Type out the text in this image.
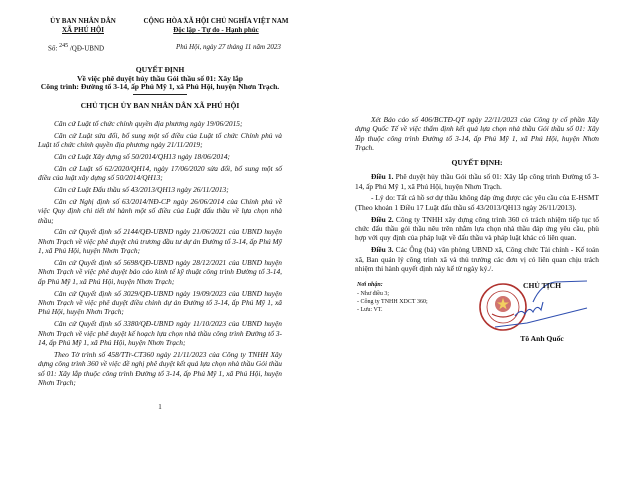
ỦY BAN NHÂN DÂN
XÃ PHÚ HỘI
CỘNG HÒA XÃ HỘI CHỦ NGHĨA VIỆT NAM
Độc lập - Tự do - Hạnh phúc
Số: $^{245}$ /QĐ-UBND	Phú Hội, ngày 27 tháng 11 năm 2023
QUYẾT ĐỊNH
Về việc phê duyệt hủy thầu Gói thầu số 01: Xây lắp
Công trình: Đường tổ 3-14, ấp Phú Mỹ 1, xã Phú Hội, huyện Nhơn Trạch.
CHỦ TỊCH ỦY BAN NHÂN DÂN XÃ PHÚ HỘI

Căn cứ Luật tổ chức chính quyền địa phương ngày 19/06/2015;

Căn cứ Luật sửa đổi, bổ sung một số điều của Luật tổ chức Chính phủ và Luật tổ chức chính quyền địa phương ngày 21/11/2019;

Căn cứ Luật Xây dựng số 50/2014/QH13 ngày 18/06/2014;

Căn cứ Luật số 62/2020/QH14, ngày 17/06/2020 sửa đổi, bổ sung một số điều của luật xây dựng số 50/2014/QH13;

Căn cứ Luật Đấu thầu số 43/2013/QH13 ngày 26/11/2013;

Căn cứ Nghị định số 63/2014/NĐ-CP ngày 26/06/2014 của Chính phủ về việc Quy định chi tiết thi hành một số điều của Luật đấu thầu về lựa chọn nhà thầu;

Căn cứ Quyết định số 2144/QĐ-UBND ngày 21/06/2021 của UBND huyện Nhơn Trạch về việc phê duyệt chủ trương đầu tư dự án Đường tổ 3-14, ấp Phú Mỹ 1, xã Phú Hội, huyện Nhơn Trạch;

Căn cứ Quyết định số 5698/QĐ-UBND ngày 28/12/2021 của UBND huyện Nhơn Trạch về việc phê duyệt báo cáo kinh tế kỹ thuật công trình Đường tổ 3-14, ấp Phú Mỹ 1, xã Phú Hội, huyện Nhơn Trạch;

Căn cứ Quyết định số 3029/QĐ-UBND ngày 19/09/2023 của UBND huyện Nhơn Trạch về việc phê duyệt điều chỉnh dự án Đường tổ 3-14, ấp Phú Mỹ 1, xã Phú Hội, huyện Nhơn Trạch;

Căn cứ Quyết định số 3380/QĐ-UBND ngày 11/10/2023 của UBND huyện Nhơn Trạch về việc phê duyệt kế hoạch lựa chọn nhà thầu công trình Đường tổ 3-14, ấp Phú Mỹ 1, xã Phú Hội, huyện Nhơn Trạch;

Theo Tờ trình số 458/TTr-CT360 ngày 21/11/2023 của Công ty TNHH Xây dựng công trình 360 về việc đề nghị phê duyệt kết quả lựa chọn nhà thầu Gói thầu số 01: Xây lắp thuộc công trình Đường tổ 3-14, ấp Phú Mỹ 1, xã Phú Hội, huyện Nhơn Trạch;

1

Xét Báo cáo số 406/BCTĐ-QT ngày 22/11/2023 của Công ty cổ phần Xây dựng Quốc Tế về việc thẩm định kết quả lựa chọn nhà thầu Gói thầu số 01: Xây lắp thuộc công trình Đường tổ 3-14, ấp Phú Mỹ 1, xã Phú Hội, huyện Nhơn Trạch.

QUYẾT ĐỊNH:

Điều 1. Phê duyệt hủy thầu Gói thầu số 01: Xây lắp công trình Đường tổ 3-14, ấp Phú Mỹ 1, xã Phú Hội, huyện Nhơn Trạch.

- Lý do: Tất cả hồ sơ dự thầu không đáp ứng được các yêu cầu của E-HSMT (Theo khoản 1 Điều 17 Luật đấu thầu số 43/2013/QH13 ngày 26/11/2013).

Điều 2. Công ty TNHH xây dựng công trình 360 có trách nhiệm tiếp tục tổ chức đấu thầu gói thầu nêu trên nhằm lựa chọn nhà thầu đáp ứng yêu cầu, phù hợp với quy định của pháp luật về đấu thầu và pháp luật khác có liên quan.

Điều 3. Các Ông (bà) văn phòng UBND xã, Công chức Tài chính - Kế toán xã, Ban quản lý công trình xã và thủ trưởng các đơn vị có liên quan chịu trách nhiệm thi hành quyết định này kể từ ngày ký./.

Nơi nhận:
- Như điều 3;
- Công ty TNHH XDCT 360;
- Lưu: VT.
CHỦ TỊCH
Tô Anh Quốc
